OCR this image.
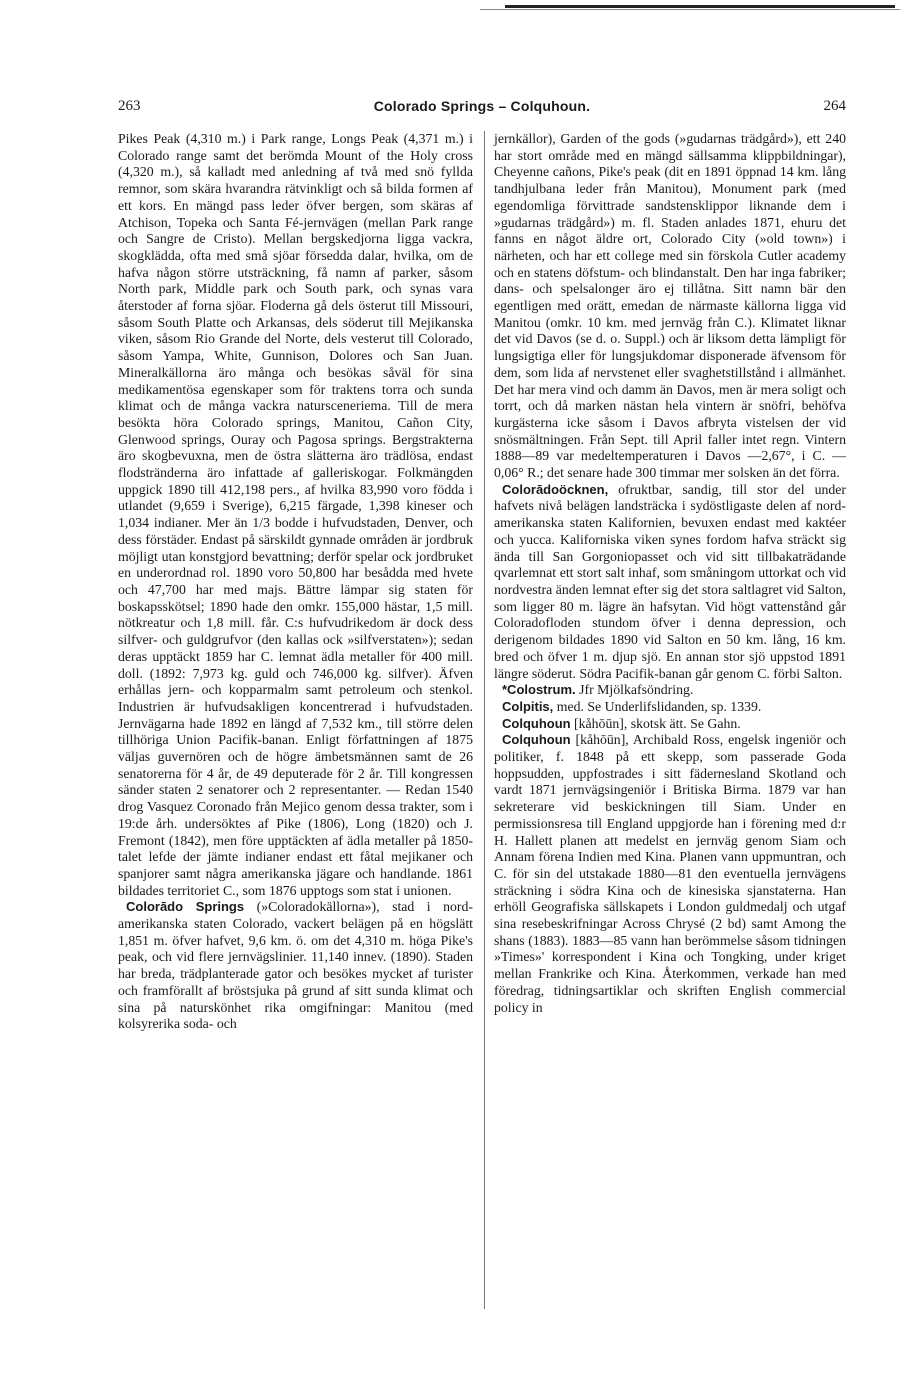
263	Colorado Springs – Colquhoun.	264

Pikes Peak (4,310 m.) i Park range, Longs Peak (4,371 m.) i Colorado range samt det berömda Mount of the Holy cross (4,320 m.), så kalladt med anledning af två med snö fyllda remnor, som skära hvarandra rätvinkligt och så bilda formen af ett kors. En mängd pass leder öfver bergen, som skäras af Atchison, Topeka och Santa Fé-jernvägen (mellan Park range och Sangre de Cristo). Mellan bergskedjorna ligga vackra, skogklädda, ofta med små sjöar försedda dalar, hvilka, om de hafva någon större utsträckning, få namn af parker, såsom North park, Middle park och South park, och synas vara återstoder af forna sjöar. Floderna gå dels österut till Missouri, såsom South Platte och Arkansas, dels söderut till Mejikanska viken, såsom Rio Grande del Norte, dels vesterut till Colorado, såsom Yampa, White, Gunnison, Dolores och San Juan. Mineralkällorna äro många och besökas såväl för sina medikamentösa egenskaper som för traktens torra och sunda klimat och de många vackra natursceneriema. Till de mera besökta höra Colorado springs, Manitou, Cañon City, Glenwood springs, Ouray och Pagosa springs. Bergstrakterna äro skogbevuxna, men de östra slätterna äro trädlösa, endast flodstränderna äro infattade af galleriskogar. Folkmängden uppgick 1890 till 412,198 pers., af hvilka 83,990 voro födda i utlandet (9,659 i Sverige), 6,215 färgade, 1,398 kineser och 1,034 indianer. Mer än 1/3 bodde i hufvudstaden, Denver, och dess förstäder. Endast på särskildt gynnade områden är jordbruk möjligt utan konstgjord bevattning; derför spelar ock jordbruket en underordnad rol. 1890 voro 50,800 har besådda med hvete och 47,700 har med majs. Bättre lämpar sig staten för boskapsskötsel; 1890 hade den omkr. 155,000 hästar, 1,5 mill. nötkreatur och 1,8 mill. får. C:s hufvudrikedom är dock dess silfver- och guldgrufvor (den kallas ock »silfverstaten»); sedan deras upptäckt 1859 har C. lemnat ädla metaller för 400 mill. doll. (1892: 7,973 kg. guld och 746,000 kg. silfver). Äfven erhållas jern- och kopparmalm samt petroleum och stenkol. Industrien är hufvudsakligen koncentrerad i hufvudstaden. Jernvägarna hade 1892 en längd af 7,532 km., till större delen tillhöriga Union Pacifik-banan. Enligt författningen af 1875 väljas guvernören och de högre ämbetsmännen samt de 26 senatorerna för 4 år, de 49 deputerade för 2 år. Till kongressen sänder staten 2 senatorer och 2 representanter. — Redan 1540 drog Vasquez Coronado från Mejico genom dessa trakter, som i 19:de årh. undersöktes af Pike (1806), Long (1820) och J. Fremont (1842), men före upptäckten af ädla metaller på 1850-talet lefde der jämte indianer endast ett fåtal mejikaner och spanjorer samt några amerikanska jägare och handlande. 1861 bildades territoriet C., som 1876 upptogs som stat i unionen.

Colorādo Springs (»Coloradokällorna»), stad i nord-amerikanska staten Colorado, vackert belägen på en högslätt 1,851 m. öfver hafvet, 9,6 km. ö. om det 4,310 m. höga Pike's peak, och vid flere jernvägslinier. 11,140 innev. (1890). Staden har breda, trädplanterade gator och besökes mycket af turister och framförallt af bröstsjuka på grund af sitt sunda klimat och sina på naturskönhet rika omgifningar: Manitou (med kolsyrerika soda- och

jernkällor), Garden of the gods (»gudarnas trädgård»), ett 240 har stort område med en mängd sällsamma klippbildningar), Cheyenne cañons, Pike's peak (dit en 1891 öppnad 14 km. lång tandhjulbana leder från Manitou), Monument park (med egendomliga förvittrade sandstensklippor liknande dem i »gudarnas trädgård») m. fl. Staden anlades 1871, ehuru det fanns en något äldre ort, Colorado City (»old town») i närheten, och har ett college med sin förskola Cutler academy och en statens döfstum- och blindanstalt. Den har inga fabriker; dans- och spelsalonger äro ej tillåtna. Sitt namn bär den egentligen med orätt, emedan de närmaste källorna ligga vid Manitou (omkr. 10 km. med jernväg från C.). Klimatet liknar det vid Davos (se d. o. Suppl.) och är liksom detta lämpligt för lungsigtiga eller för lungsjukdomar disponerade äfvensom för dem, som lida af nervstenet eller svaghetstillstånd i allmänhet. Det har mera vind och damm än Davos, men är mera soligt och torrt, och då marken nästan hela vintern är snöfri, behöfva kurgästerna icke såsom i Davos afbryta vistelsen der vid snösmältningen. Från Sept. till April faller intet regn. Vintern 1888—89 var medeltemperaturen i Davos —2,67°, i C. —0,06° R.; det senare hade 300 timmar mer solsken än det förra.

Colorādoöcknen, ofruktbar, sandig, till stor del under hafvets nivå belägen landsträcka i sydöstligaste delen af nord-amerikanska staten Kalifornien, bevuxen endast med kaktéer och yucca. Kaliforniska viken synes fordom hafva sträckt sig ända till San Gorgoniopasset och vid sitt tillbakaträdande qvarlemnat ett stort salt inhaf, som småningom uttorkat och vid nordvestra änden lemnat efter sig det stora saltlagret vid Salton, som ligger 80 m. lägre än hafsytan. Vid högt vattenstånd går Coloradofloden stundom öfver i denna depression, och derigenom bildades 1890 vid Salton en 50 km. lång, 16 km. bred och öfver 1 m. djup sjö. En annan stor sjö uppstod 1891 längre söderut. Södra Pacifik-banan går genom C. förbi Salton.

*Colostrum. Jfr Mjölkafsöndring.

Colpitis, med. Se Underlifslidanden, sp. 1339.

Colquhoun [kåhōūn], skotsk ätt. Se Gahn.

Colquhoun [kåhōūn], Archibald Ross, engelsk ingeniör och politiker, f. 1848 på ett skepp, som passerade Goda hoppsudden, uppfostrades i sitt fädernesland Skotland och vardt 1871 jernvägsingeniör i Britiska Birma. 1879 var han sekreterare vid beskickningen till Siam. Under en permissionsresa till England uppgjorde han i förening med d:r H. Hallett planen att medelst en jernväg genom Siam och Annam förena Indien med Kina. Planen vann uppmuntran, och C. för sin del utstakade 1880—81 den eventuella jernvägens sträckning i södra Kina och de kinesiska sjanstaterna. Han erhöll Geografiska sällskapets i London guldmedalj och utgaf sina resebeskrifningar Across Chrysé (2 bd) samt Among the shans (1883). 1883—85 vann han berömmelse såsom tidningen »Times»' korrespondent i Kina och Tongking, under kriget mellan Frankrike och Kina. Återkommen, verkade han med föredrag, tidningsartiklar och skriften English commercial policy in
